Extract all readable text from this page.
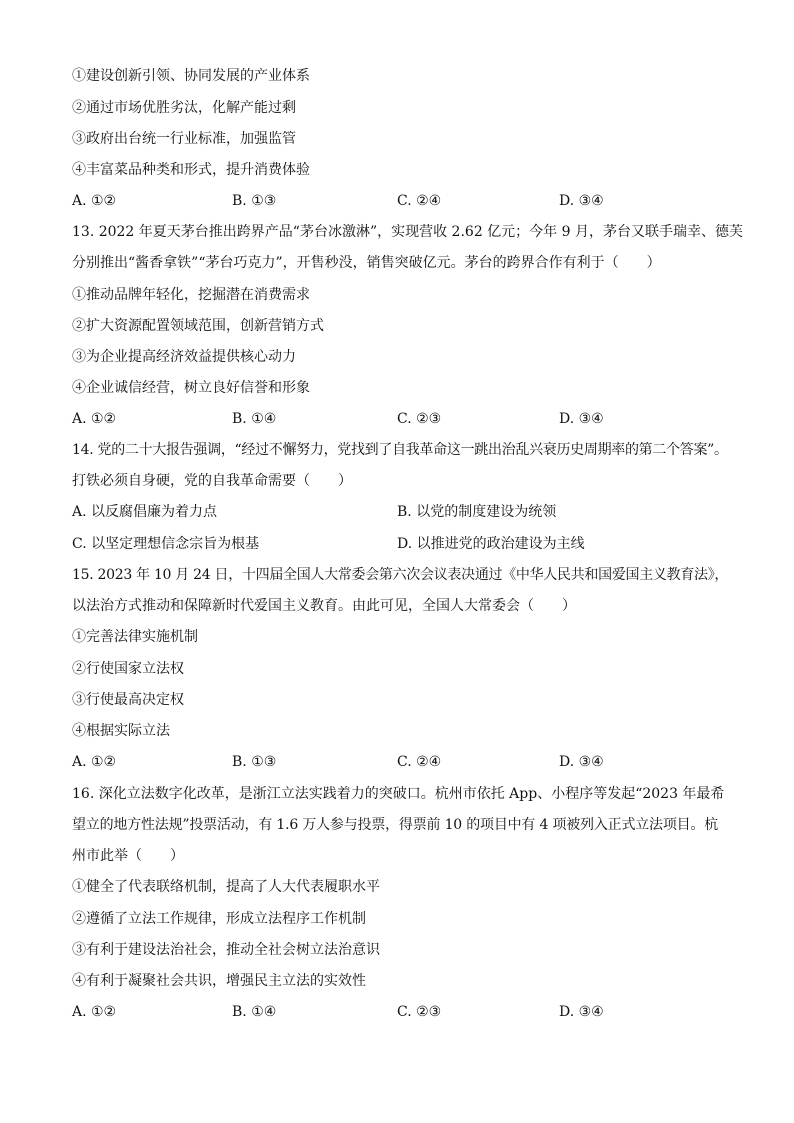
①建设创新引领、协同发展的产业体系
②通过市场优胜劣汰，化解产能过剩
③政府出台统一行业标准，加强监管
④丰富菜品种类和形式，提升消费体验
A. ①②	B. ①③	C. ②④	D. ③④
13. 2022 年夏天茅台推出跨界产品“茅台冰激淋”，实现营收 2.62 亿元；今年 9 月，茅台又联手瑞幸、德芙
分别推出“酱香拿铁”“茅台巧克力”，开售秒没，销售突破亿元。茅台的跨界合作有利于（　　）
①推动品牌年轻化，挖掘潜在消费需求
②扩大资源配置领域范围，创新营销方式
③为企业提高经济效益提供核心动力
④企业诚信经营，树立良好信誉和形象
A. ①②	B. ①④	C. ②③	D. ③④
14. 党的二十大报告强调，“经过不懈努力，党找到了自我革命这一跳出治乱兴衰历史周期率的第二个答案”。
打铁必须自身硬，党的自我革命需要（　　）
A. 以反腐倡廉为着力点	B. 以党的制度建设为统领
C. 以坚定理想信念宗旨为根基	D. 以推进党的政治建设为主线
15. 2023 年 10 月 24 日，十四届全国人大常委会第六次会议表决通过《中华人民共和国爱国主义教育法》，
以法治方式推动和保障新时代爱国主义教育。由此可见，全国人大常委会（　　）
①完善法律实施机制
②行使国家立法权
③行使最高决定权
④根据实际立法
A. ①②	B. ①③	C. ②④	D. ③④
16. 深化立法数字化改革，是浙江立法实践着力的突破口。杭州市依托 App、小程序等发起“2023 年最希
望立的地方性法规”投票活动，有 1.6 万人参与投票，得票前 10 的项目中有 4 项被列入正式立法项目。杭
州市此举（　　）
①健全了代表联络机制，提高了人大代表履职水平
②遵循了立法工作规律，形成立法程序工作机制
③有利于建设法治社会，推动全社会树立法治意识
④有利于凝聚社会共识，增强民主立法的实效性
A. ①②	B. ①④	C. ②③	D. ③④
